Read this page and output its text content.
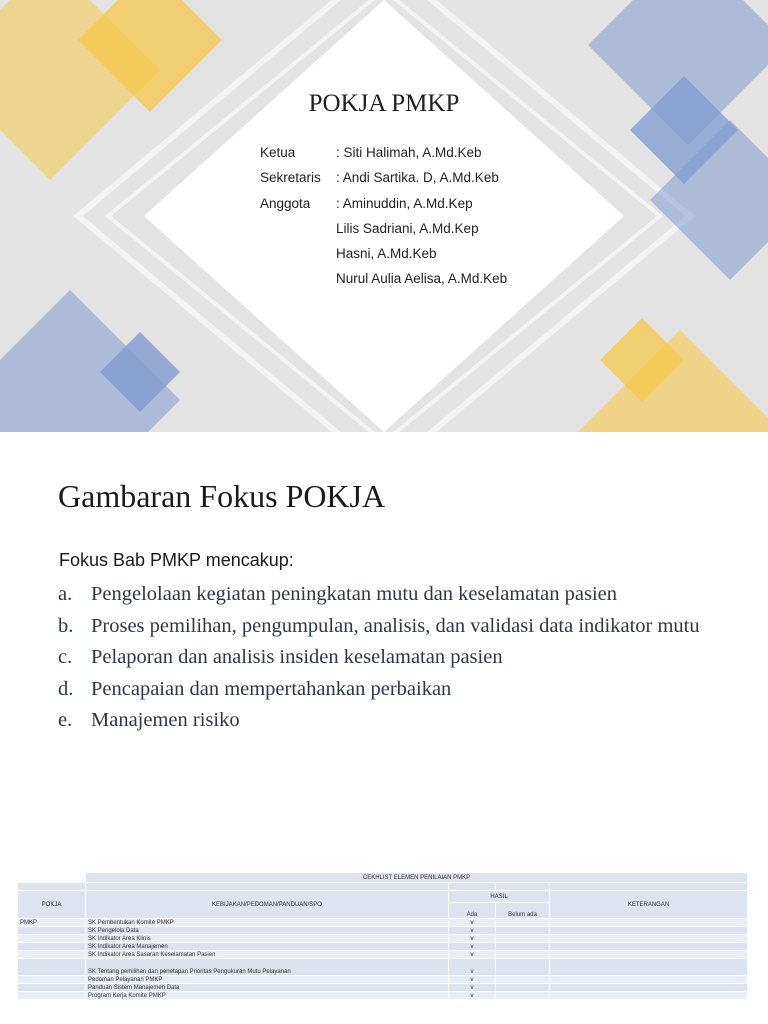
POKJA PMKP
Ketua	: Siti Halimah, A.Md.Keb
Sekretaris : Andi Sartika. D, A.Md.Keb
Anggota : Aminuddin, A.Md.Kep
Lilis Sadriani, A.Md.Kep
Hasni, A.Md.Keb
Nurul Aulia Aelisa, A.Md.Keb
Gambaran Fokus POKJA
Fokus Bab PMKP mencakup:
a. Pengelolaan kegiatan peningkatan mutu dan keselamatan pasien
b. Proses pemilihan, pengumpulan, analisis, dan validasi data indikator mutu
c. Pelaporan dan analisis insiden keselamatan pasien
d. Pencapaian dan mempertahankan perbaikan
e. Manajemen risiko
	CEKHLIST ELEMEN PENILAIAN PMKP			

POKJA	KEBIJAKAN/PEDOMAN/PANDUAN/SPO	HASIL		KETERANGAN
		Ada	Belum ada	
PMKP	SK Pembentukan Komite PMKP	v		
	SK Pengelola Data	v		
	SK Indikator Area Klinis	v		
	SK Indikator Area Manajemen	v		
	SK Indikator Area Sasaran Keselamatan Pasien	v		
	SK Tentang pemilihan dan penetapan Prioritas Pengukuran Mutu Pelayanan	v		
	Pedoman Pelayanan PMKP	v		
	Panduan Sistem Manajemen Data	v		
	Program Kerja Komite PMKP	v		
